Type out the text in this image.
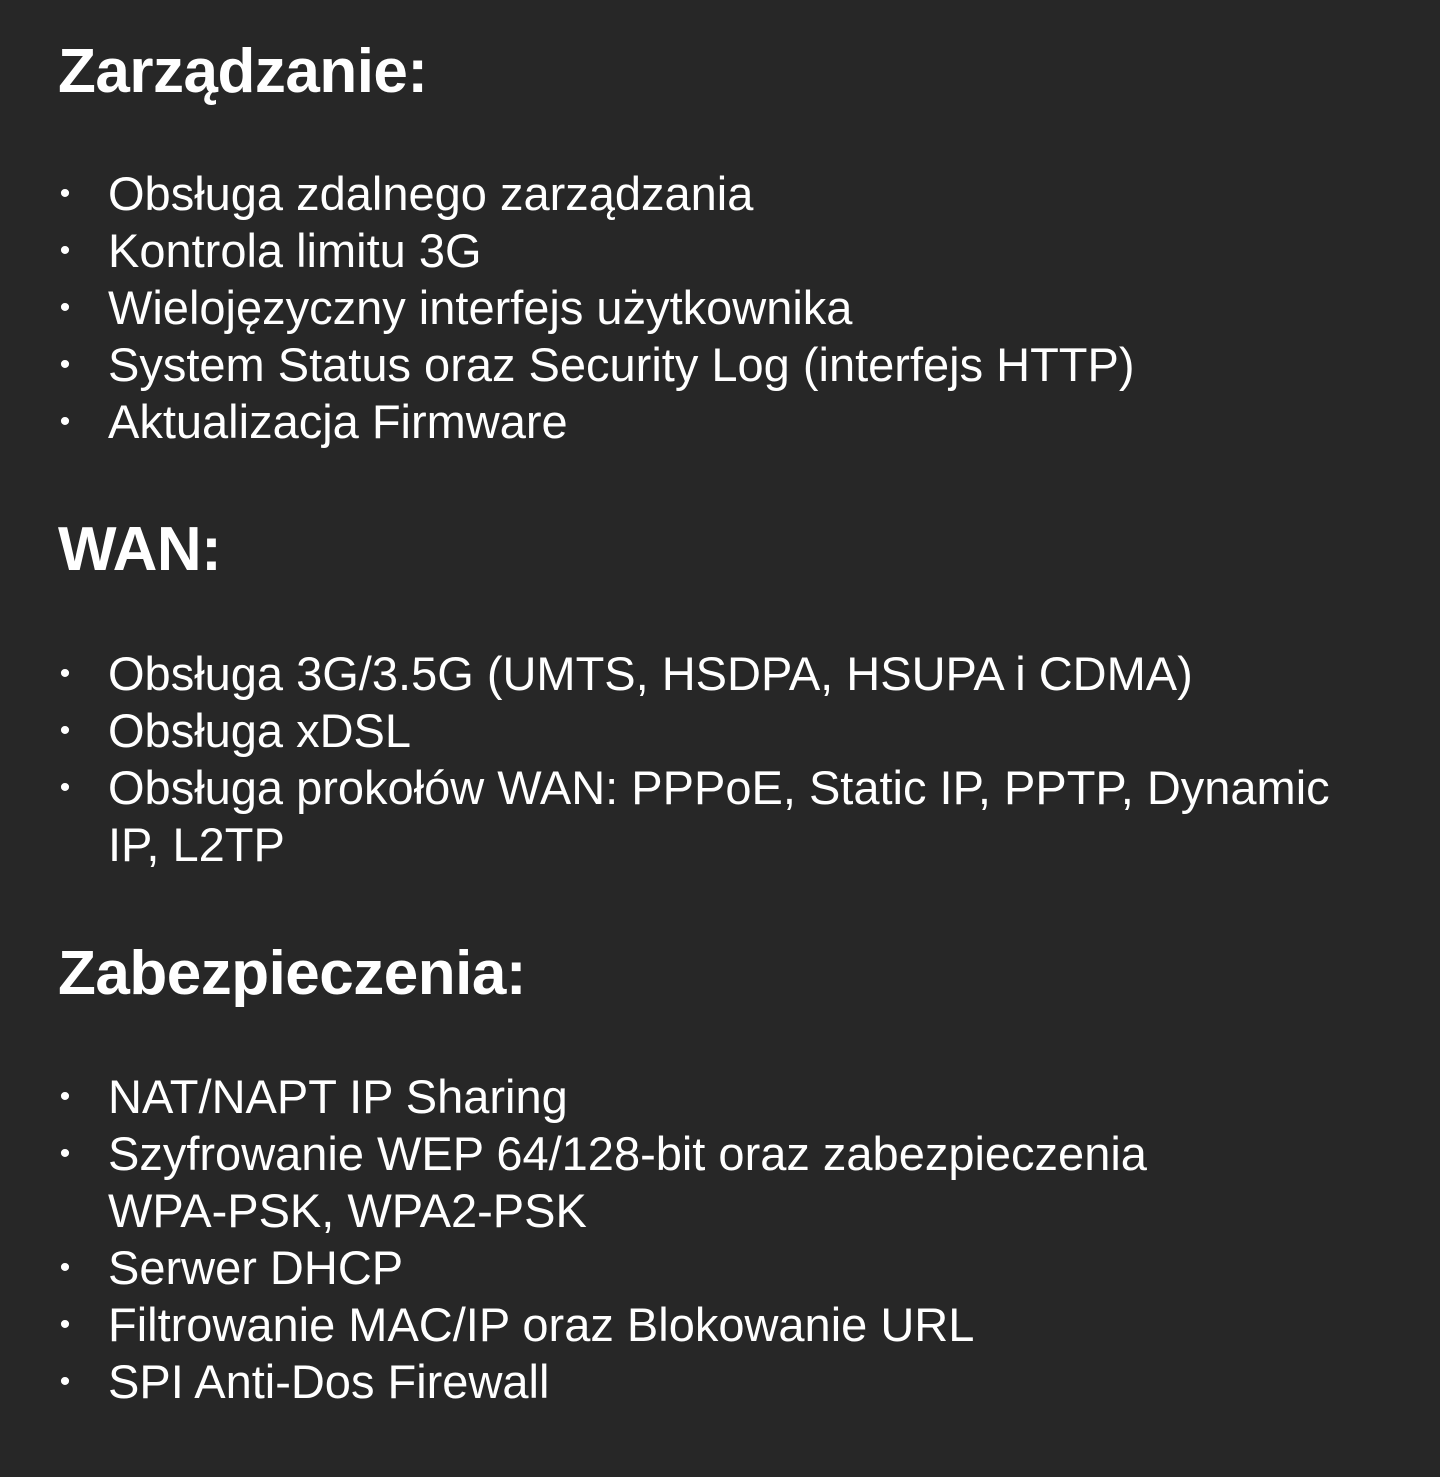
Zarządzanie:
• Obsługa zdalnego zarządzania
• Kontrola limitu 3G
• Wielojęzyczny interfejs użytkownika
• System Status oraz Security Log (interfejs HTTP)
• Aktualizacja Firmware
WAN:
• Obsługa 3G/3.5G (UMTS, HSDPA, HSUPA i CDMA)
• Obsługa xDSL
• Obsługa prokołów WAN: PPPoE, Static IP, PPTP, Dynamic IP, L2TP
Zabezpieczenia:
• NAT/NAPT IP Sharing
• Szyfrowanie WEP 64/128-bit oraz zabezpieczenia WPA-PSK, WPA2-PSK
• Serwer DHCP
• Filtrowanie MAC/IP oraz Blokowanie URL
• SPI Anti-Dos Firewall
